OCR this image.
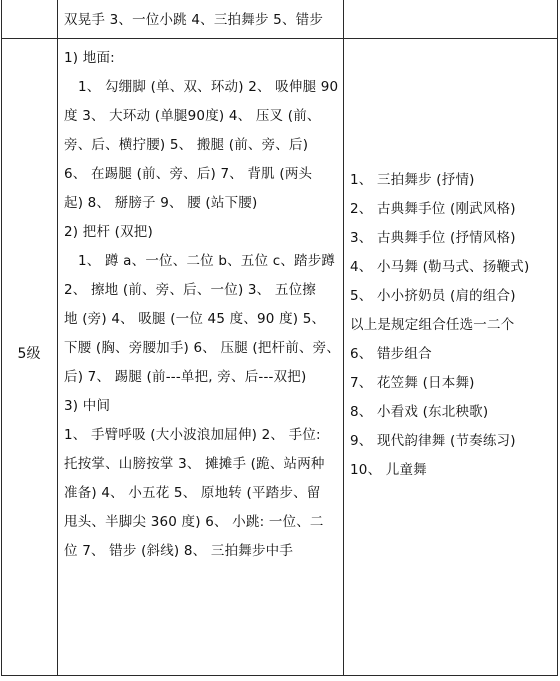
双晃手 3、一位小跳 4、三拍舞步 5、错步
5级
1) 地面:
1、 勾绷脚 (单、双、环动) 2、 吸伸腿 90
度 3、 大环动 (单腿90度) 4、 压叉 (前、
旁、后、横拧腰) 5、 搬腿 (前、旁、后)
6、 在踢腿 (前、旁、后) 7、 背肌 (两头
起) 8、 掰膀子 9、 腰 (站下腰)
2) 把杆 (双把)
1、 蹲 a、一位、二位 b、五位 c、踏步蹲
2、 擦地 (前、旁、后、一位) 3、 五位擦
地 (旁) 4、 吸腿 (一位 45 度、90 度) 5、
下腰 (胸、旁腰加手) 6、 压腿 (把杆前、旁、
后) 7、 踢腿 (前---单把, 旁、后---双把)
3) 中间
1、 手臂呼吸 (大小波浪加屈伸) 2、 手位:
托按掌、山膀按掌 3、 摊摊手 (跪、站两种
准备) 4、 小五花 5、 原地转 (平踏步、留
甩头、半脚尖 360 度) 6、 小跳: 一位、二
位 7、 错步 (斜线) 8、 三拍舞步中手
1、 三拍舞步 (抒情)
2、 古典舞手位 (刚武风格)
3、 古典舞手位 (抒情风格)
4、 小马舞 (勒马式、扬鞭式)
5、 小小挤奶员 (肩的组合)
以上是规定组合任选一二个
6、 错步组合
7、 花笠舞 (日本舞)
8、 小看戏 (东北秧歌)
9、 现代韵律舞 (节奏练习)
10、 儿童舞
